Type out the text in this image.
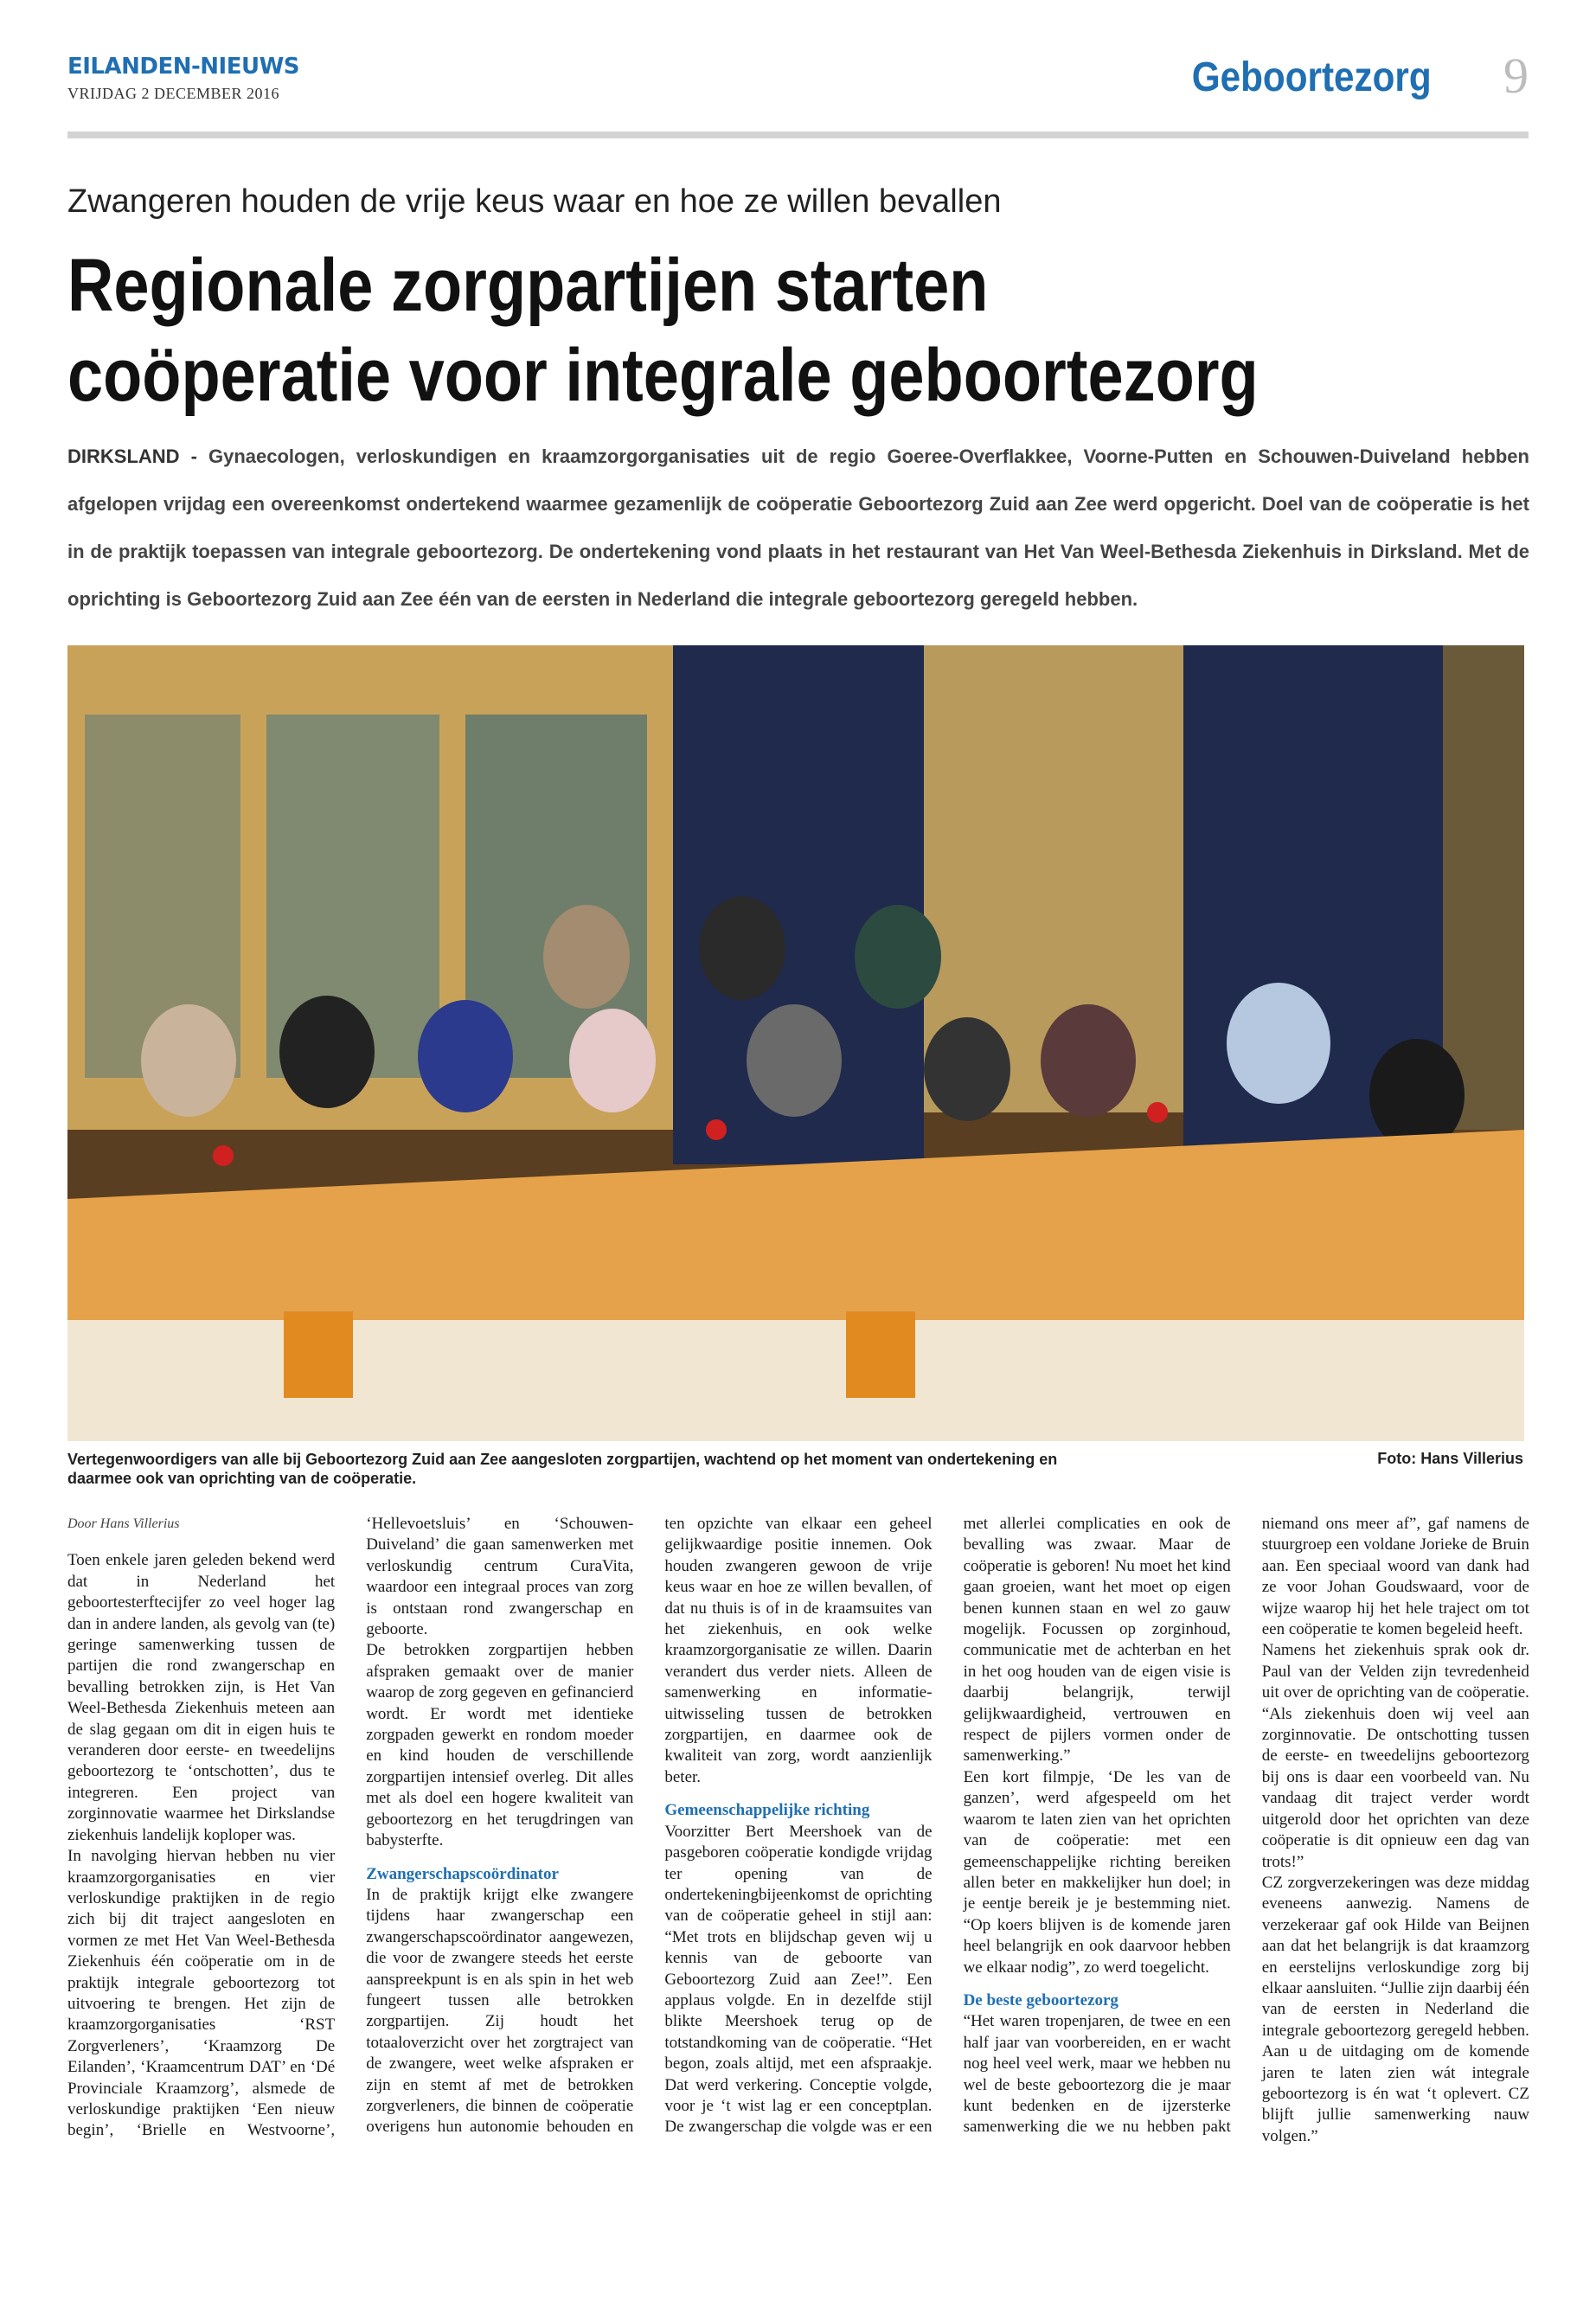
EILANDEN-NIEUWS
VRIJDAG 2 DECEMBER 2016	Geboortezorg 9
Zwangeren houden de vrije keus waar en hoe ze willen bevallen
Regionale zorgpartijen starten coöperatie voor integrale geboortezorg

DIRKSLAND - Gynaecologen, verloskundigen en kraamzorgorganisaties uit de regio Goeree-Overflakkee, Voorne-Putten en Schouwen-Duiveland hebben afgelopen vrijdag een overeenkomst ondertekend waarmee gezamenlijk de coöperatie Geboortezorg Zuid aan Zee werd opgericht. Doel van de coöperatie is het in de praktijk toepassen van integrale geboortezorg. De ondertekening vond plaats in het restaurant van Het Van Weel-Bethesda Ziekenhuis in Dirksland. Met de oprichting is Geboortezorg Zuid aan Zee één van de eersten in Nederland die integrale geboortezorg geregeld hebben.

Vertegenwoordigers van alle bij Geboortezorg Zuid aan Zee aangesloten zorgpartijen, wachtend op het moment van ondertekening en daarmee ook van oprichting van de coöperatie.

Foto: Hans Villerius

Door Hans Villerius

Toen enkele jaren geleden bekend werd dat in Nederland het geboortesterftecijfer zo veel hoger lag dan in andere landen, als gevolg van (te) geringe samenwerking tussen de partijen die rond zwangerschap en bevalling betrokken zijn, is Het Van Weel-Bethesda Ziekenhuis meteen aan de slag gegaan om dit in eigen huis te veranderen door eerste- en tweedelijns geboortezorg te ‘ontschotten’, dus te integreren. Een project van zorginnovatie waarmee het Dirkslandse ziekenhuis landelijk koploper was.

In navolging hiervan hebben nu vier kraamzorgorganisaties en vier verloskundige praktijken in de regio zich bij dit traject aangesloten en vormen ze met Het Van Weel-Bethesda Ziekenhuis één coöperatie om in de praktijk integrale geboortezorg tot uitvoering te brengen. Het zijn de kraamzorgorganisaties ‘RST Zorgverleners’, ‘Kraamzorg De Eilanden’, ‘Kraamcentrum DAT’ en ‘Dé Provinciale Kraamzorg’, alsmede de verloskundige praktijken ‘Een nieuw begin’, ‘Brielle en Westvoorne’, ‘Hellevoetsluis’ en ‘Schouwen-Duiveland’ die gaan samenwerken met verloskundig centrum CuraVita, waardoor een integraal proces van zorg is ontstaan rond zwangerschap en geboorte.

De betrokken zorgpartijen hebben afspraken gemaakt over de manier waarop de zorg gegeven en gefinancierd wordt. Er wordt met identieke zorgpaden gewerkt en rondom moeder en kind houden de verschillende zorgpartijen intensief overleg. Dit alles met als doel een hogere kwaliteit van geboortezorg en het terugdringen van babysterfte.

Zwangerschapscoördinator

In de praktijk krijgt elke zwangere tijdens haar zwangerschap een zwangerschapscoördinator aangewezen, die voor de zwangere steeds het eerste aanspreekpunt is en als spin in het web fungeert tussen alle betrokken zorgpartijen. Zij houdt het totaaloverzicht over het zorgtraject van de zwangere, weet welke afspraken er zijn en stemt af met de betrokken zorgverleners, die binnen de coöperatie overigens hun autonomie behouden en ten opzichte van elkaar een geheel gelijkwaardige positie innemen. Ook houden zwangeren gewoon de vrije keus waar en hoe ze willen bevallen, of dat nu thuis is of in de kraamsuites van het ziekenhuis, en ook welke kraamzorgorganisatie ze willen. Daarin verandert dus verder niets. Alleen de samenwerking en informatie-uitwisseling tussen de betrokken zorgpartijen, en daarmee ook de kwaliteit van zorg, wordt aanzienlijk beter.

Gemeenschappelijke richting

Voorzitter Bert Meershoek van de pasgeboren coöperatie kondigde vrijdag ter opening van de ondertekeningbijeenkomst de oprichting van de coöperatie geheel in stijl aan: “Met trots en blijdschap geven wij u kennis van de geboorte van Geboortezorg Zuid aan Zee!”. Een applaus volgde. En in dezelfde stijl blikte Meershoek terug op de totstandkoming van de coöperatie. “Het begon, zoals altijd, met een afspraakje. Dat werd verkering. Conceptie volgde, voor je ‘t wist lag er een conceptplan. De zwangerschap die volgde was er een met allerlei complicaties en ook de bevalling was zwaar. Maar de coöperatie is geboren! Nu moet het kind gaan groeien, want het moet op eigen benen kunnen staan en wel zo gauw mogelijk. Focussen op zorginhoud, communicatie met de achterban en het in het oog houden van de eigen visie is daarbij belangrijk, terwijl gelijkwaardigheid, vertrouwen en respect de pijlers vormen onder de samenwerking.”

Een kort filmpje, ‘De les van de ganzen’, werd afgespeeld om het waarom te laten zien van het oprichten van de coöperatie: met een gemeenschappelijke richting bereiken allen beter en makkelijker hun doel; in je eentje bereik je je bestemming niet. “Op koers blijven is de komende jaren heel belangrijk en ook daarvoor hebben we elkaar nodig”, zo werd toegelicht.

De beste geboortezorg

“Het waren tropenjaren, de twee en een half jaar van voorbereiden, en er wacht nog heel veel werk, maar we hebben nu wel de beste geboortezorg die je maar kunt bedenken en de ijzersterke samenwerking die we nu hebben pakt niemand ons meer af”, gaf namens de stuurgroep een voldane Jorieke de Bruin aan. Een speciaal woord van dank had ze voor Johan Goudswaard, voor de wijze waarop hij het hele traject om tot een coöperatie te komen begeleid heeft.

Namens het ziekenhuis sprak ook dr. Paul van der Velden zijn tevredenheid uit over de oprichting van de coöperatie. “Als ziekenhuis doen wij veel aan zorginnovatie. De ontschotting tussen de eerste- en tweedelijns geboortezorg bij ons is daar een voorbeeld van. Nu vandaag dit traject verder wordt uitgerold door het oprichten van deze coöperatie is dit opnieuw een dag van trots!”

CZ zorgverzekeringen was deze middag eveneens aanwezig. Namens de verzekeraar gaf ook Hilde van Beijnen aan dat het belangrijk is dat kraamzorg en eerstelijns verloskundige zorg bij elkaar aansluiten. “Jullie zijn daarbij één van de eersten in Nederland die integrale geboortezorg geregeld hebben. Aan u de uitdaging om de komende jaren te laten zien wát integrale geboortezorg is én wat ‘t oplevert. CZ blijft jullie samenwerking nauw volgen.”
